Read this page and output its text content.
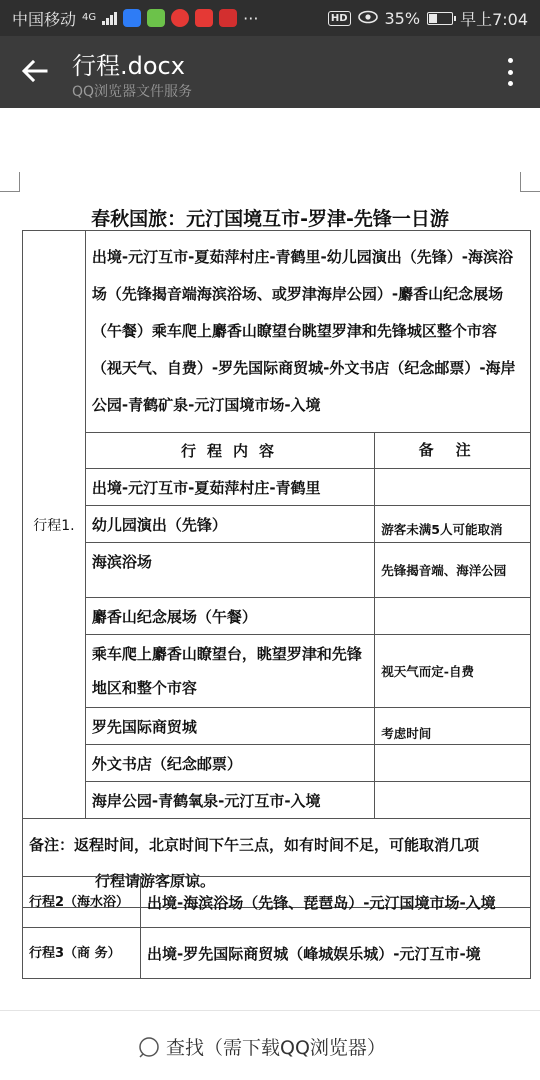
中国移动 4G	···	HD 35%	早上7:04
行程.docx
QQ浏览器文件服务
春秋国旅：元汀国境互市-罗津-先锋一日游
行程1.	出境-元汀互市-夏茹萍村庄-青鹤里-幼儿园演出（先锋）-海滨浴场（先锋揭音端海滨浴场、或罗津海岸公园）-麝香山纪念展场（午餐）乘车爬上麝香山瞭望台眺望罗津和先锋城区整个市容（视天气、自费）-罗先国际商贸城-外文书店（纪念邮票）-海岸公园-青鹤矿泉-元汀国境市场-入境	
	行程内容	备注
	出境-元汀互市-夏茹萍村庄-青鹤里	
	幼儿园演出（先锋）	游客未满5人可能取消
	海滨浴场	先锋揭音端、海洋公园
	麝香山纪念展场（午餐）	
	乘车爬上麝香山瞭望台，眺望罗津和先锋地区和整个市容	视天气而定-自费
	罗先国际商贸城	考虑时间
	外文书店（纪念邮票）	
	海岸公园-青鹤氧泉-元汀互市-入境	
备注：返程时间，北京时间下午三点，如有时间不足，可能取消几项
行程请游客原谅。		
行程2（海水浴）	出境-海滨浴场（先锋、琵琶岛）-元汀国境市场-入境
行程3（商 务）	出境-罗先国际商贸城（峰城娱乐城）-元汀互市-境
查找（需下载QQ浏览器）
